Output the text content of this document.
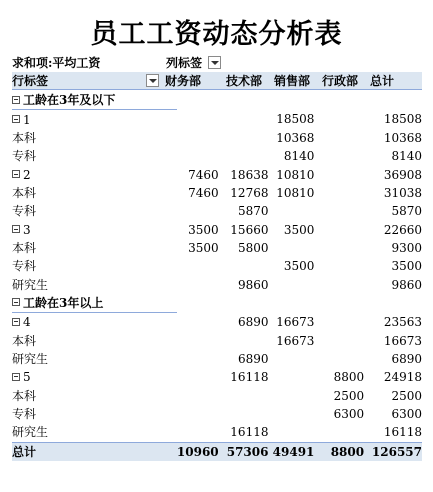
员工工资动态分析表
求和项:平均工资	列标签
行标签	财务部 技术部 销售部 行政部 总计
工龄在3年及以下					
1			18508		18508
本科			10368		10368
专科			8140		8140
2	7460	18638	10810		36908
本科	7460	12768	10810		31038
专科		5870			5870
3	3500	15660	3500		22660
本科	3500	5800			9300
专科			3500		3500
研究生		9860			9860
工龄在3年以上					
4		6890	16673		23563
本科			16673		16673
研究生		6890			6890
5		16118		8800	24918
本科				2500	2500
专科				6300	6300
研究生		16118			16118
总计	10960	57306	49491	8800	126557
